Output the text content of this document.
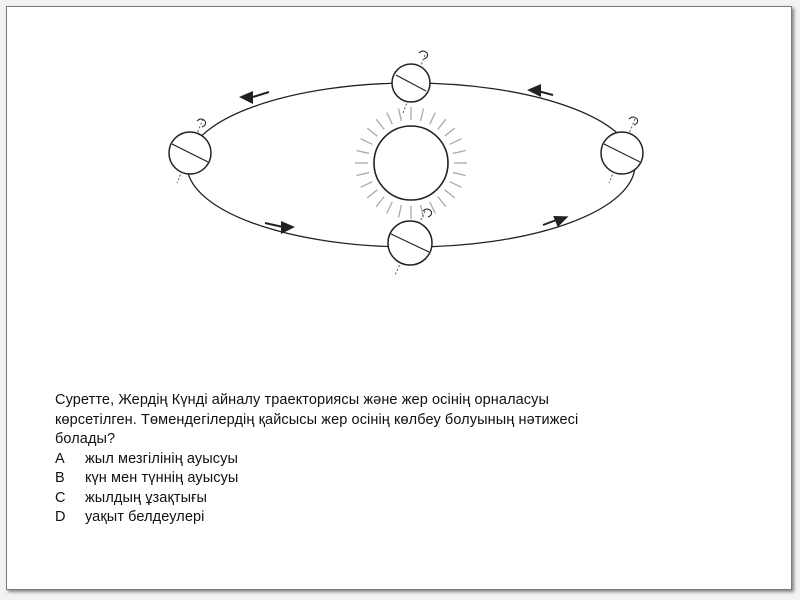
Суретте, Жердің Күнді айналу траекториясы және жер осінің орналасуы
көрсетілген. Төмендегілердің қайсысы жер осінің көлбеу болуының нәтижесі
болады?
A	жыл мезгілінің ауысуы
B	күн мен түннің ауысуы
C	жылдың ұзақтығы
D	уақыт белдеулері
